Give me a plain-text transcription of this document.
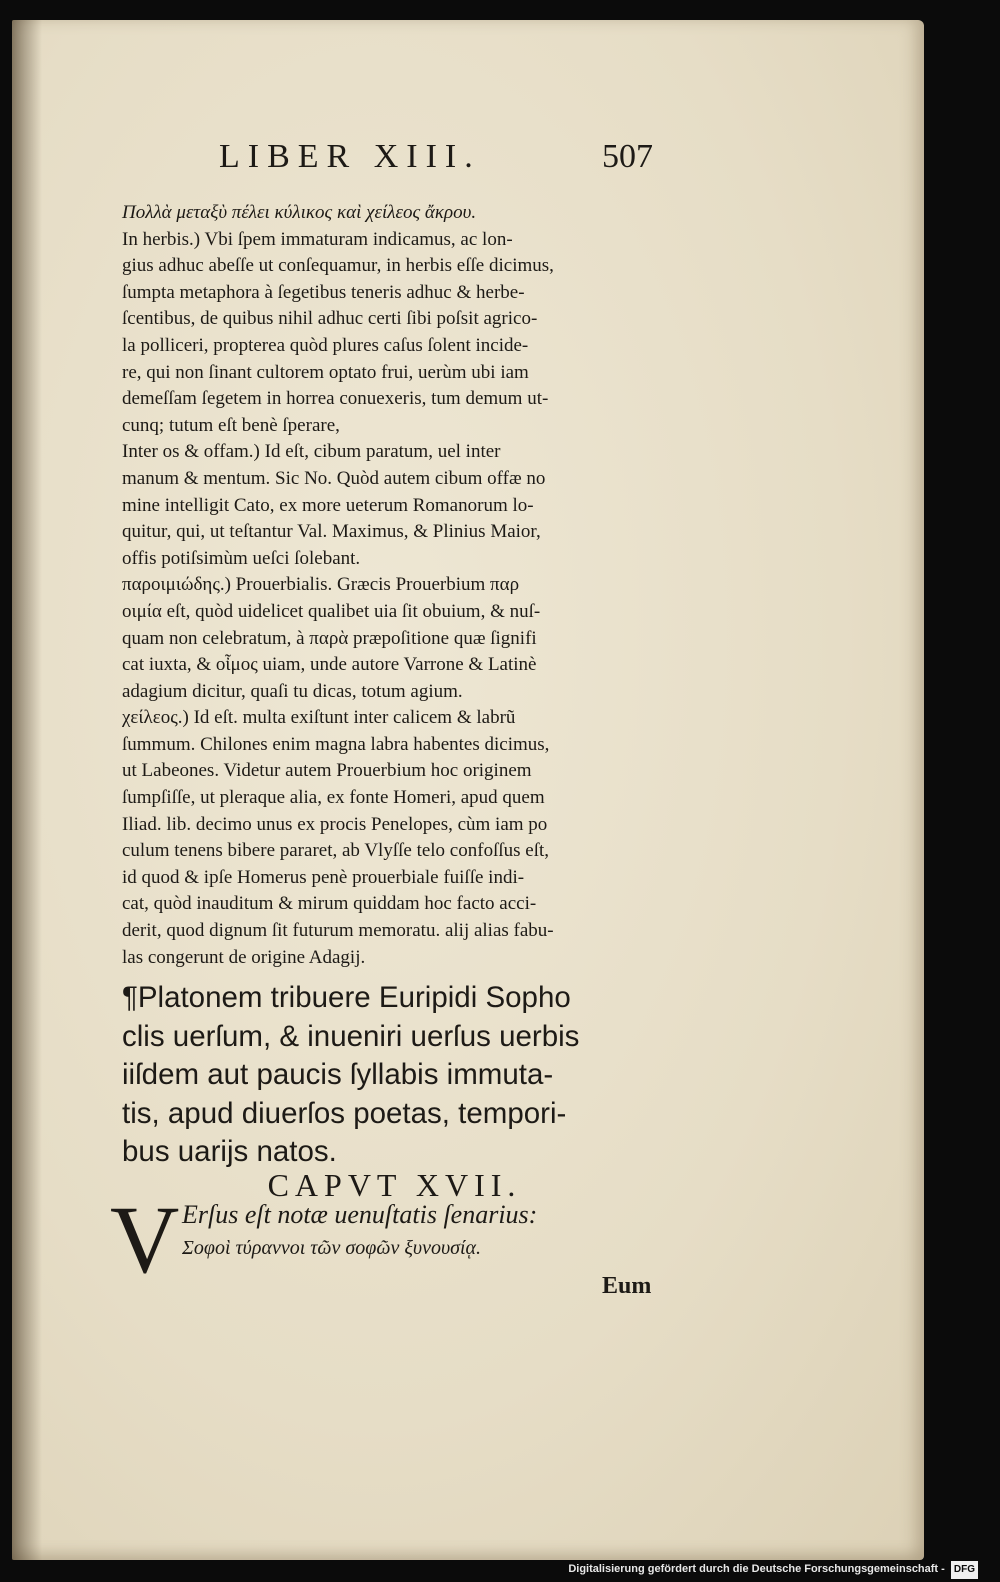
LIBER XIII.	507

Πολλὰ μεταξὺ πέλει κύλικος καὶ χείλεος ἄκρου.

In herbis.) Vbi ſpem immaturam indicamus, ac lon-

gius adhuc abeſſe ut conſequamur, in herbis eſſe dicimus,

ſumpta metaphora à ſegetibus teneris adhuc & herbe-

ſcentibus, de quibus nihil adhuc certi ſibi poſsit agrico-

la polliceri, propterea quòd plures caſus ſolent incide-

re, qui non ſinant cultorem optato frui, uerùm ubi iam

demeſſam ſegetem in horrea conuexeris, tum demum ut-

cunq; tutum eſt benè ſperare,

Inter os & offam.) Id eſt, cibum paratum, uel inter

manum & mentum. Sic No. Quòd autem cibum offæ no

mine intelligit Cato, ex more ueterum Romanorum lo-

quitur, qui, ut teſtantur Val. Maximus, & Plinius Maior,

offis potiſsimùm ueſci ſolebant.

παροιμιώδης.) Prouerbialis. Græcis Prouerbium παρ

οιμία eſt, quòd uidelicet qualibet uia ſit obuium, & nuſ-

quam non celebratum, à παρὰ præpoſitione quæ ſignifi

cat iuxta, & οἶμος uiam, unde autore Varrone & Latinè

adagium dicitur, quaſi tu dicas, totum agium.

χείλεος.) Id eſt. multa exiſtunt inter calicem & labrũ

ſummum. Chilones enim magna labra habentes dicimus,

ut Labeones. Videtur autem Prouerbium hoc originem

ſumpſiſſe, ut pleraque alia, ex fonte Homeri, apud quem

Iliad. lib. decimo unus ex procis Penelopes, cùm iam po

culum tenens bibere pararet, ab Vlyſſe telo confoſſus eſt,

id quod & ipſe Homerus penè prouerbiale fuiſſe indi-

cat, quòd inauditum & mirum quiddam hoc facto acci-

derit, quod dignum ſit futurum memoratu. alij alias fabu-

las congerunt de origine Adagij.

¶Platonem tribuere Euripidi Sopho

clis uerſum, & inueniri uerſus uerbis

iiſdem aut paucis ſyllabis immuta-

tis, apud diuerſos poetas, tempori-

bus uarijs natos.

CAPVT XVII.

V Erſus eſt notæ uenuſtatis ſenarius:

Σοφοὶ τύραννοι τῶν σοφῶν ξυνουσίᾳ.

Eum
Digitalisierung gefördert durch die Deutsche Forschungsgemeinschaft - DFG
